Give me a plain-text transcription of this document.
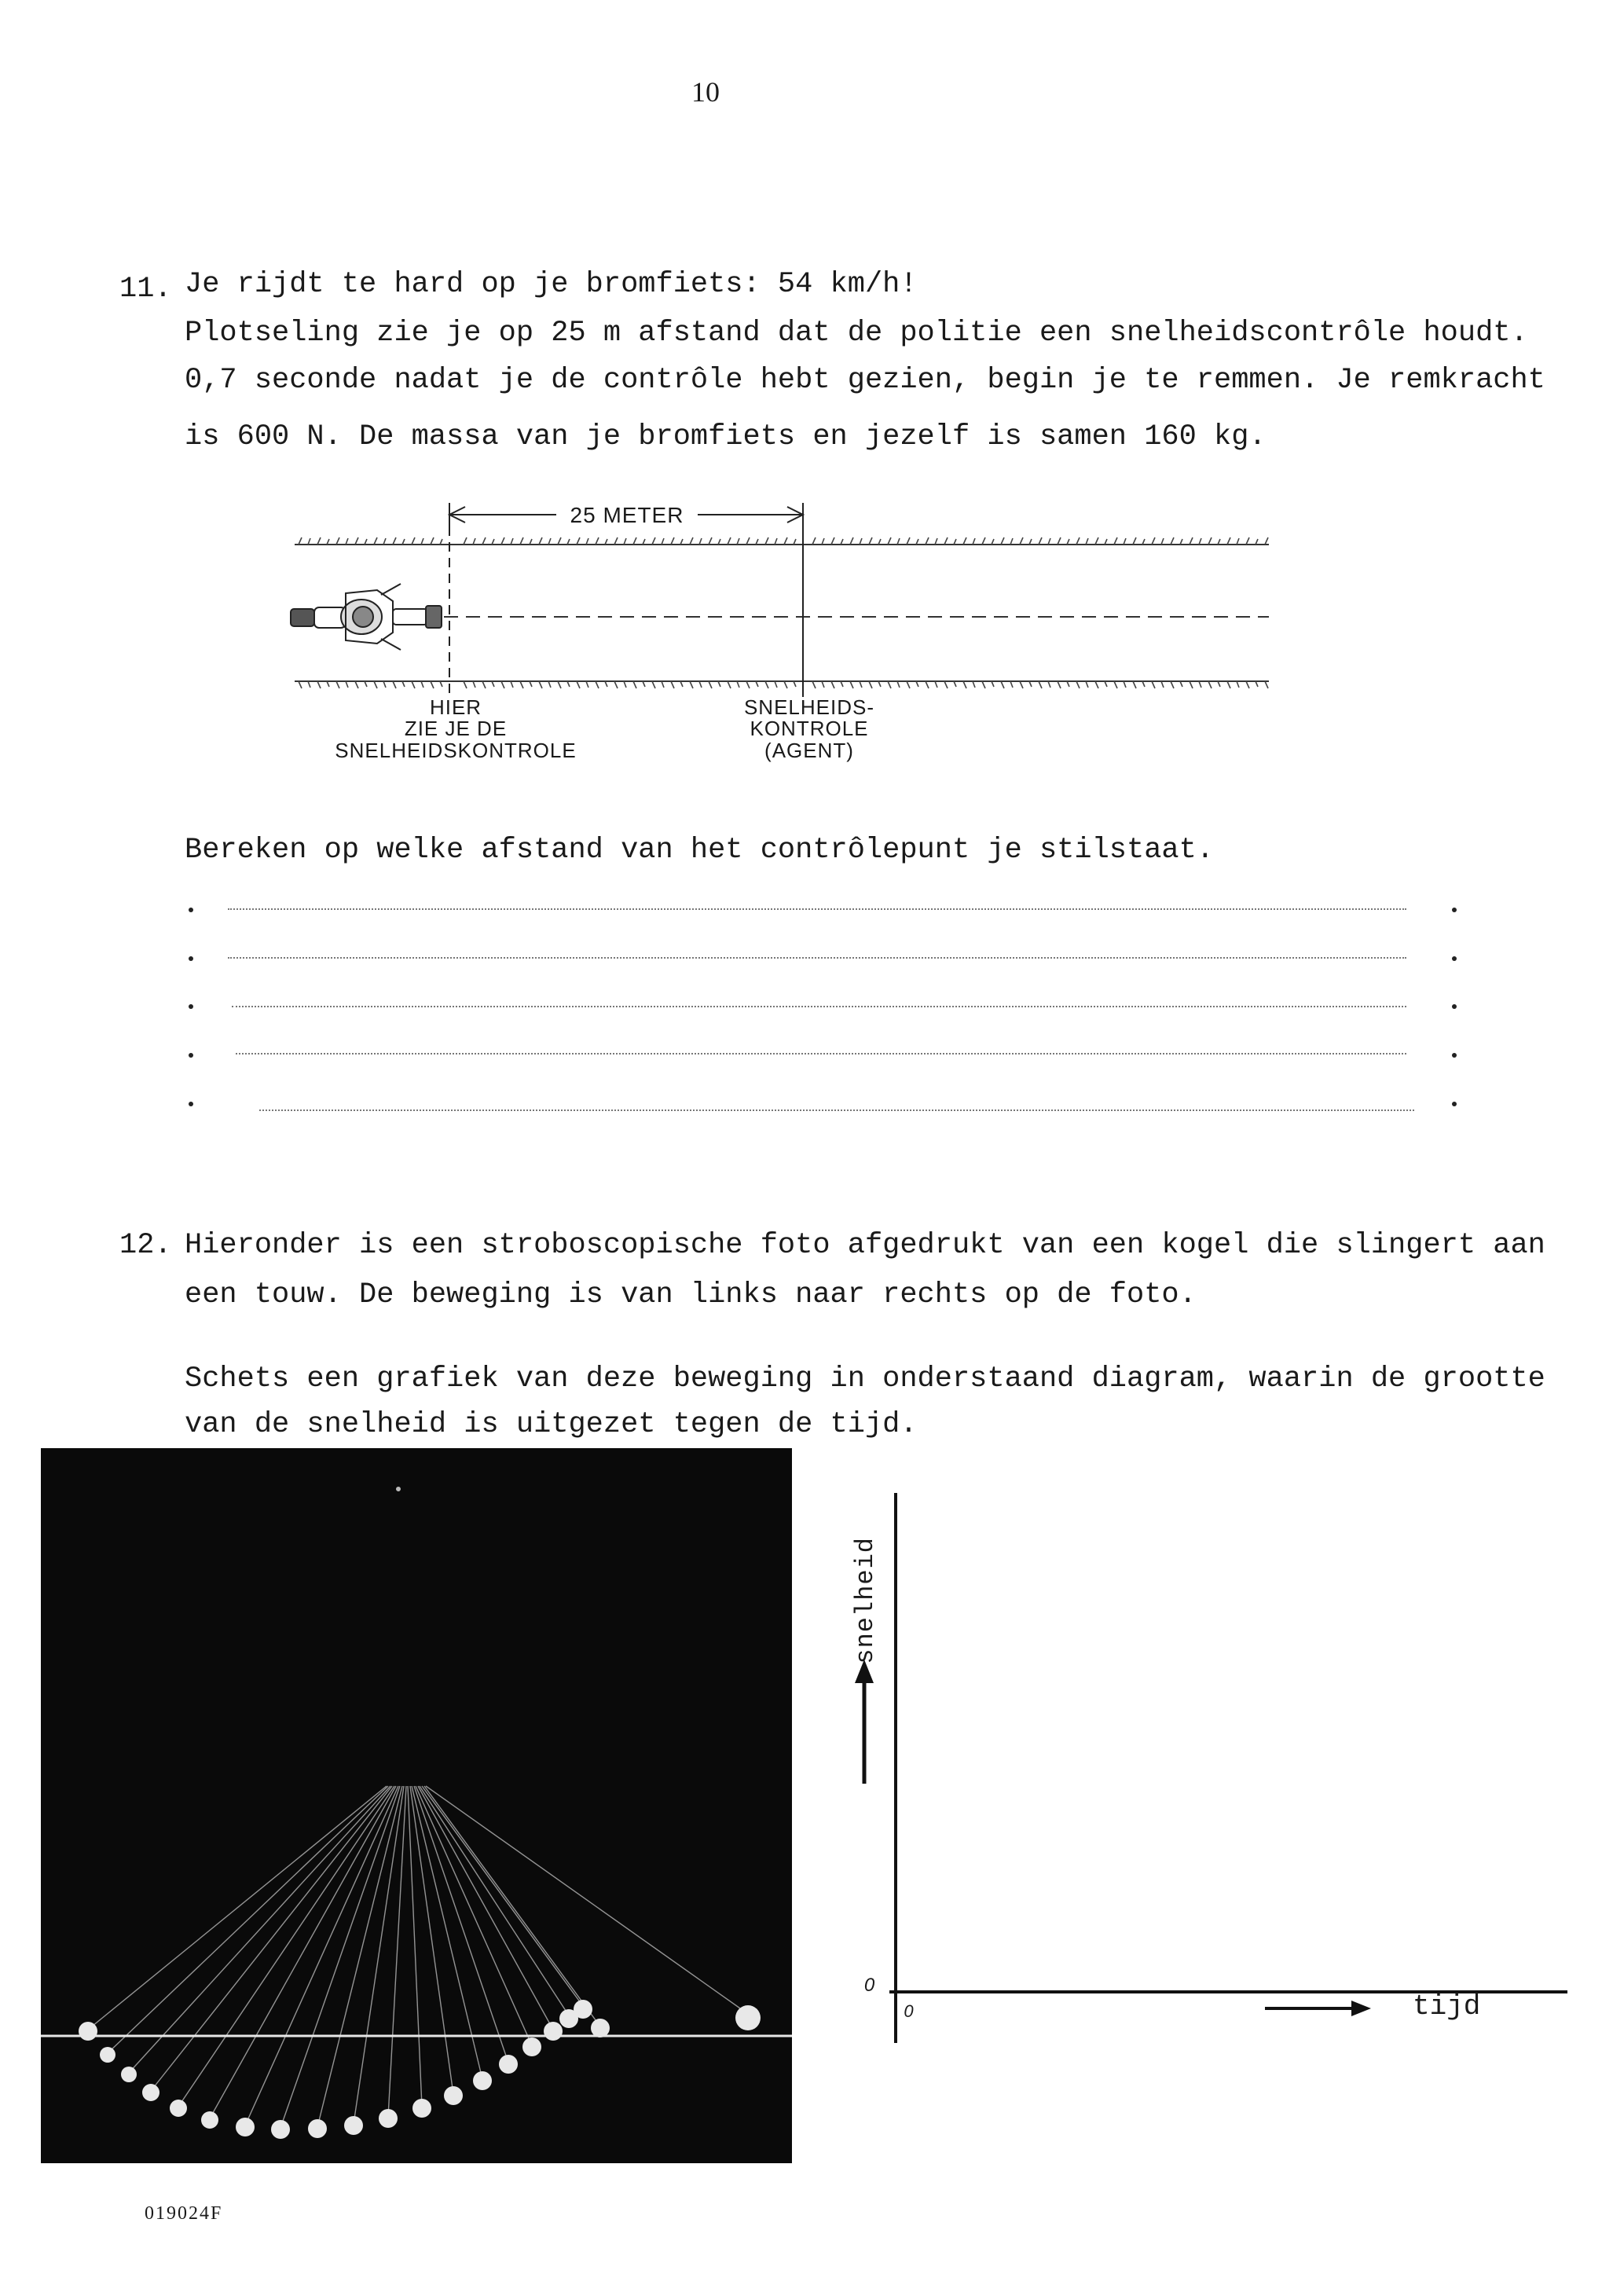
10
11. Je rijdt te hard op je bromfiets: 54 km/h!
Plotseling zie je op 25 m afstand dat de politie een snelheidscontrôle houdt.
0,7 seconde nadat je de contrôle hebt gezien, begin je te remmen. Je remkracht
is 600 N. De massa van je bromfiets en jezelf is samen 160 kg.
25 METER
HIER
ZIE JE DE
SNELHEIDSKONTROLE
SNELHEIDS-
KONTROLE
(AGENT)
Bereken op welke afstand van het contrôlepunt je stilstaat.
12. Hieronder is een stroboscopische foto afgedrukt van een kogel die slingert aan
een touw. De beweging is van links naar rechts op de foto.
Schets een grafiek van deze beweging in onderstaand diagram, waarin de grootte
van de snelheid is uitgezet tegen de tijd.
snelheid
tijd
0
0
019024F
